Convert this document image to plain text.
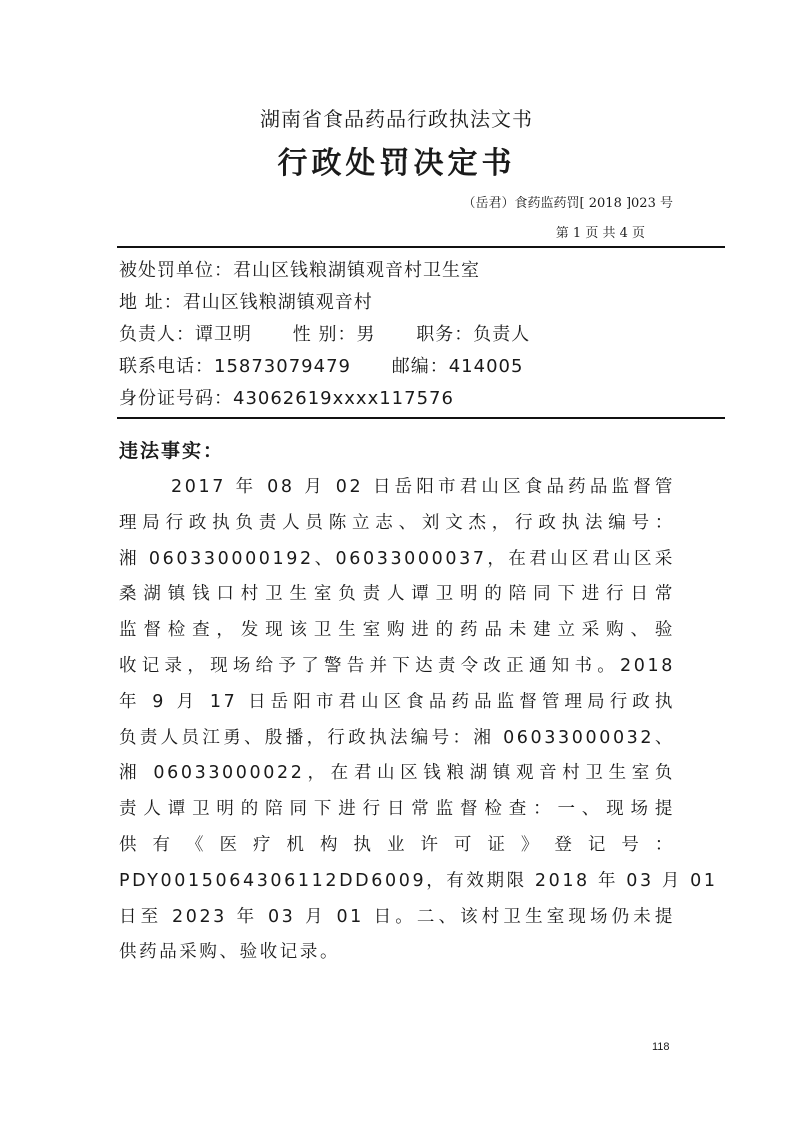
湖南省食品药品行政执法文书
行政处罚决定书
（岳君）食药监药罚[ 2018 ]023 号
第 1 页 共 4 页
被处罚单位：君山区钱粮湖镇观音村卫生室
地 址：君山区钱粮湖镇观音村
负责人：谭卫明 性 别：男 职务：负责人
联系电话：15873079479 邮编：414005
身份证号码：43062619xxxx117576
违法事实：
2017 年 08 月 02 日岳阳市君山区食品药品监督管
理局行政执负责人员陈立志、刘文杰，行政执法编号：
湘 060330000192、06033000037，在君山区君山区采
桑湖镇钱口村卫生室负责人谭卫明的陪同下进行日常
监督检查，发现该卫生室购进的药品未建立采购、验
收记录，现场给予了警告并下达责令改正通知书。2018
年 9 月 17 日岳阳市君山区食品药品监督管理局行政执
负责人员江勇、殷播，行政执法编号：湘 06033000032、
湘 06033000022，在君山区钱粮湖镇观音村卫生室负
责人谭卫明的陪同下进行日常监督检查：一、现场提
供有《医疗机构执业许可证》登记号：
PDY0015064306112DD6009，有效期限 2018 年 03 月 01
日至 2023 年 03 月 01 日。二、该村卫生室现场仍未提
供药品采购、验收记录。
118
